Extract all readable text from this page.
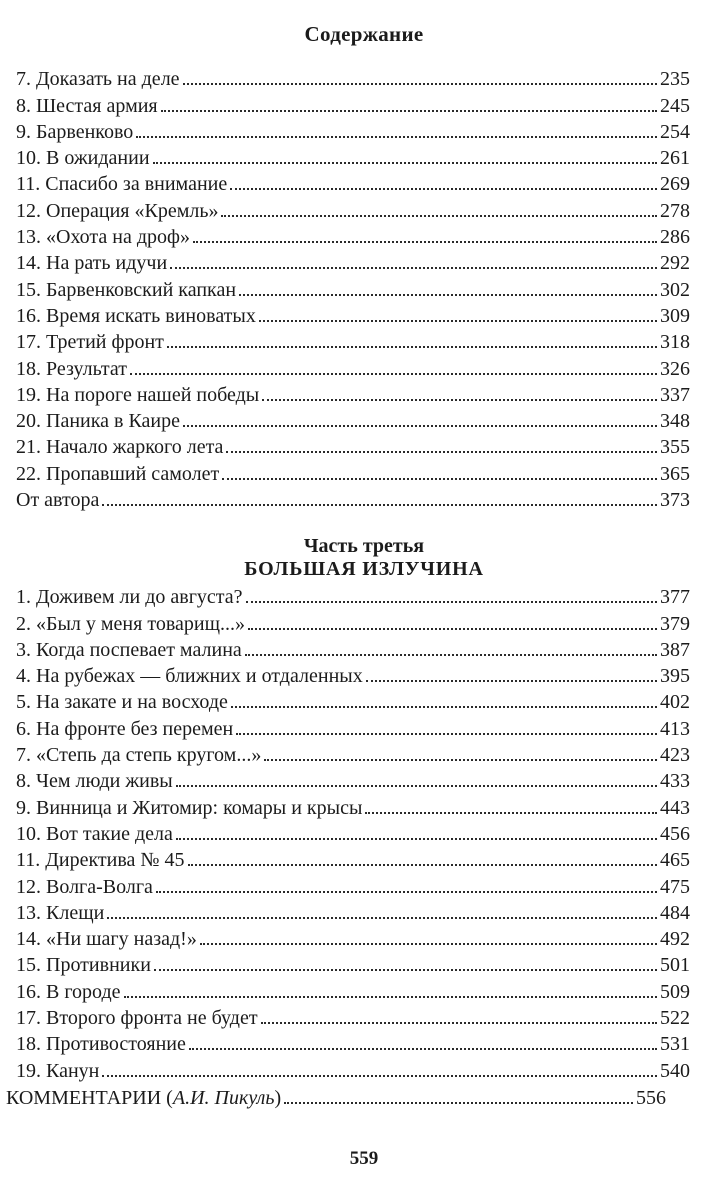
Содержание
7. Доказать на деле	235
8. Шестая армия	245
9. Барвенково	254
10. В ожидании	261
11. Спасибо за внимание	269
12. Операция «Кремль»	278
13. «Охота на дроф»	286
14. На рать идучи	292
15. Барвенковский капкан	302
16. Время искать виноватых	309
17. Третий фронт	318
18. Результат	326
19. На пороге нашей победы	337
20. Паника в Каире	348
21. Начало жаркого лета	355
22. Пропавший самолет	365
От автора	373
Часть третья
БОЛЬШАЯ ИЗЛУЧИНА
1. Доживем ли до августа?	377
2. «Был у меня товарищ...»	379
3. Когда поспевает малина	387
4. На рубежах — ближних и отдаленных	395
5. На закате и на восходе	402
6. На фронте без перемен	413
7. «Степь да степь кругом...»	423
8. Чем люди живы	433
9. Винница и Житомир: комары и крысы	443
10. Вот такие дела	456
11. Директива № 45	465
12. Волга-Волга	475
13. Клещи	484
14. «Ни шагу назад!»	492
15. Противники	501
16. В городе	509
17. Второго фронта не будет	522
18. Противостояние	531
19. Канун	540
КОММЕНТАРИИ (А.И. Пикуль)	556
559
